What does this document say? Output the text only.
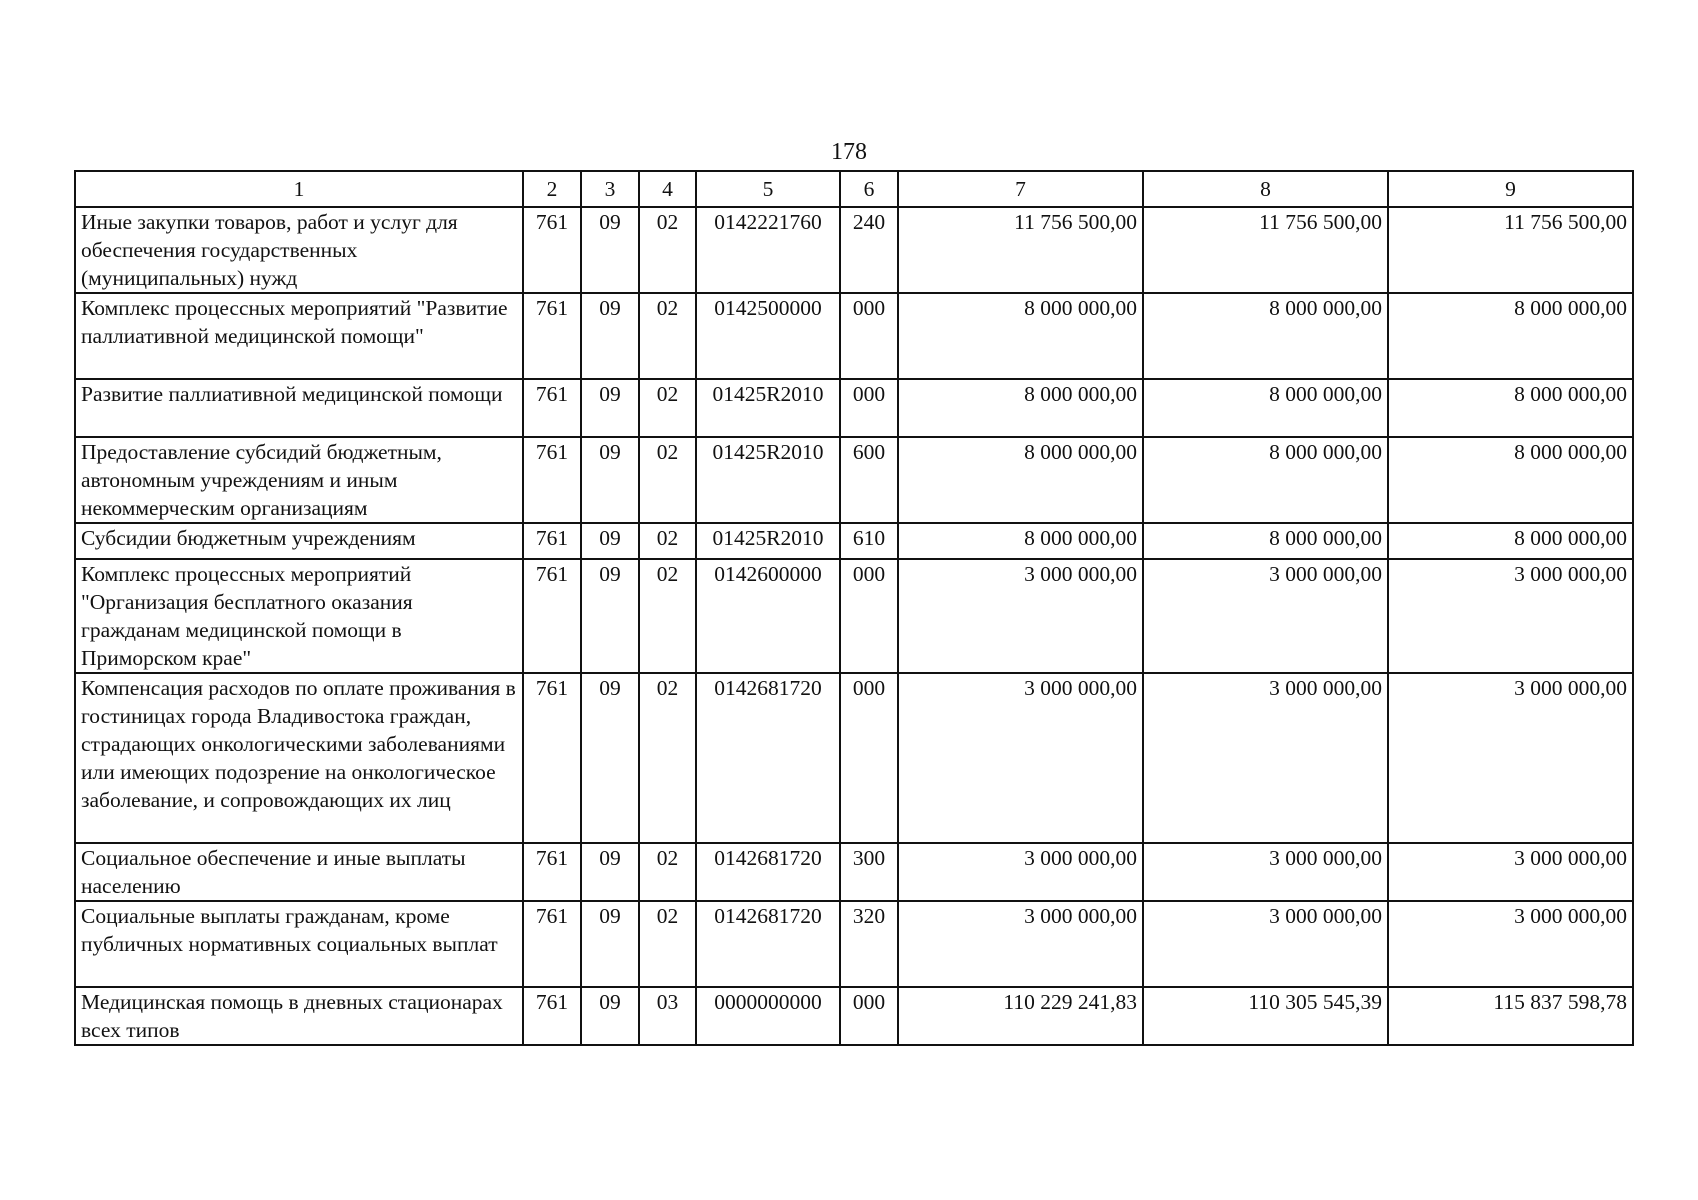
178
1	2	3	4	5	6	7	8	9
Иные закупки товаров, работ и услуг для обеспечения государственных (муниципальных) нужд	761	09	02	0142221760	240	11 756 500,00	11 756 500,00	11 756 500,00
Комплекс процессных мероприятий "Развитие паллиативной медицинской помощи"	761	09	02	0142500000	000	8 000 000,00	8 000 000,00	8 000 000,00
Развитие паллиативной медицинской помощи	761	09	02	01425R2010	000	8 000 000,00	8 000 000,00	8 000 000,00
Предоставление субсидий бюджетным, автономным учреждениям и иным некоммерческим организациям	761	09	02	01425R2010	600	8 000 000,00	8 000 000,00	8 000 000,00
Субсидии бюджетным учреждениям	761	09	02	01425R2010	610	8 000 000,00	8 000 000,00	8 000 000,00
Комплекс процессных мероприятий "Организация бесплатного оказания гражданам медицинской помощи в Приморском крае"	761	09	02	0142600000	000	3 000 000,00	3 000 000,00	3 000 000,00
Компенсация расходов по оплате проживания в гостиницах города Владивостока граждан, страдающих онкологическими заболеваниями или имеющих подозрение на онкологическое заболевание, и сопровождающих их лиц	761	09	02	0142681720	000	3 000 000,00	3 000 000,00	3 000 000,00
Социальное обеспечение и иные выплаты населению	761	09	02	0142681720	300	3 000 000,00	3 000 000,00	3 000 000,00
Социальные выплаты гражданам, кроме публичных нормативных социальных выплат	761	09	02	0142681720	320	3 000 000,00	3 000 000,00	3 000 000,00
Медицинская помощь в дневных стационарах всех типов	761	09	03	0000000000	000	110 229 241,83	110 305 545,39	115 837 598,78
